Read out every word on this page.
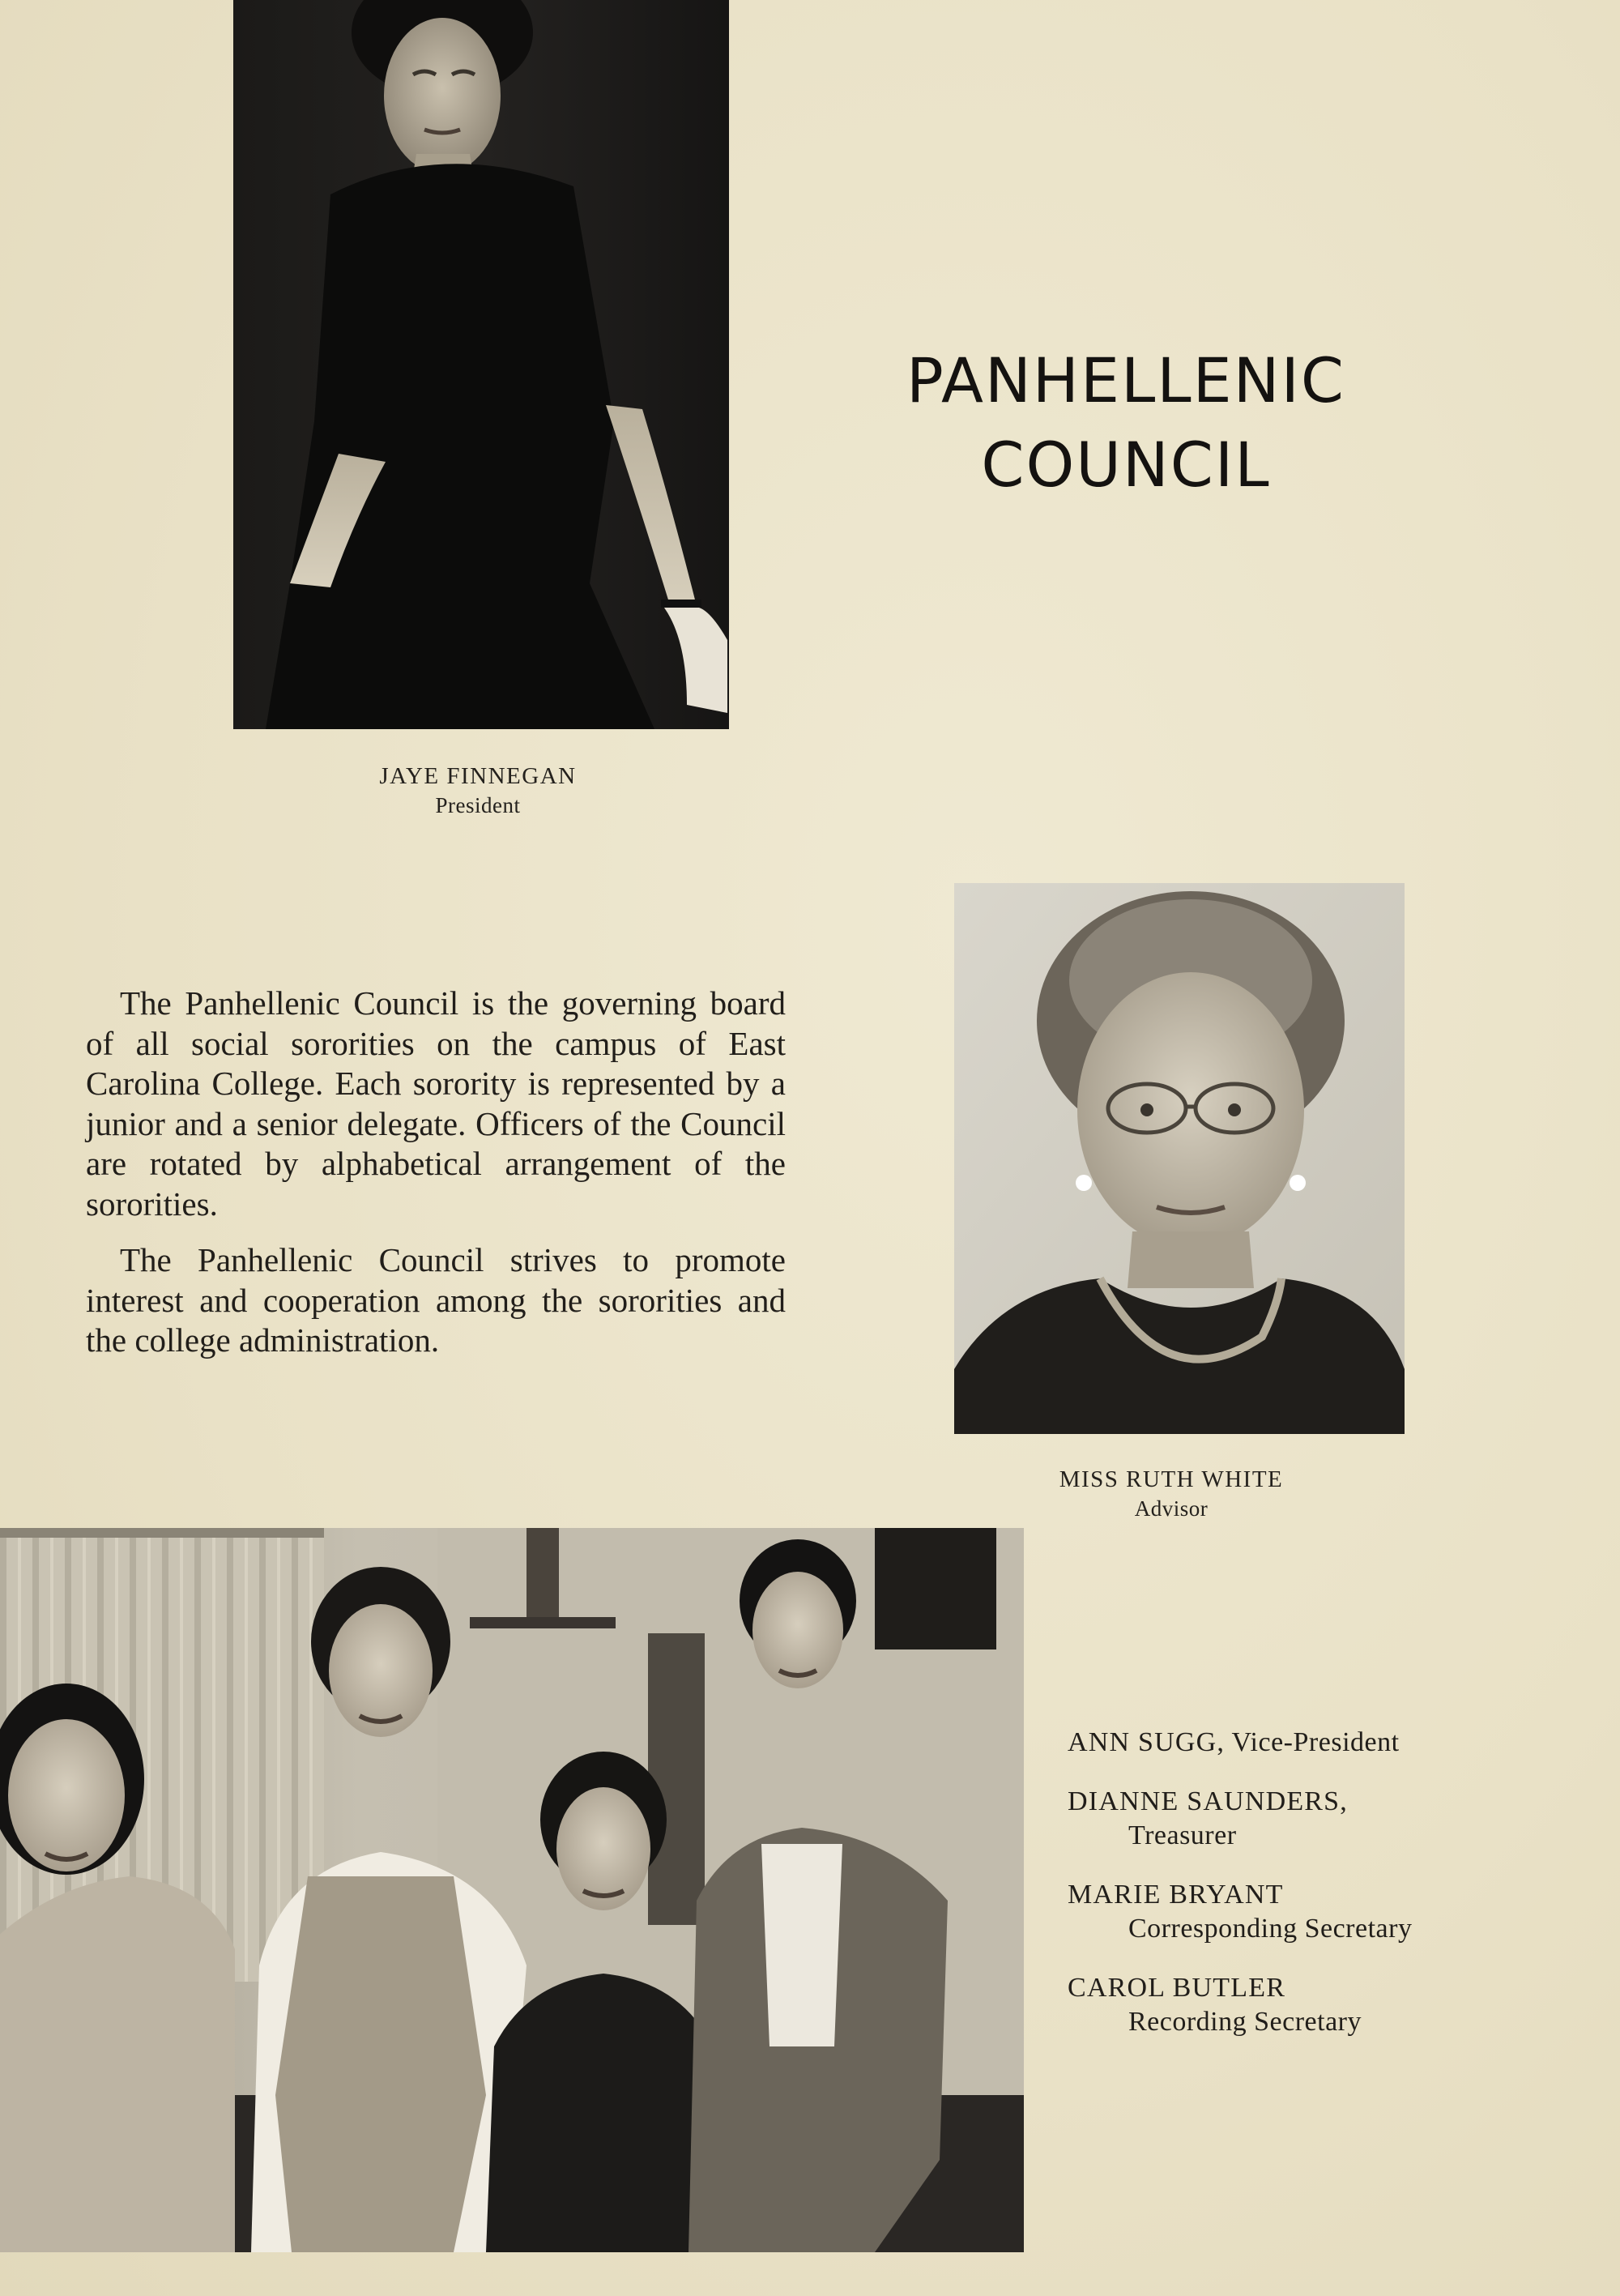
PANHELLENIC
COUNCIL
JAYE FINNEGAN
President

The Panhellenic Council is the governing board of all social sororities on the campus of East Carolina College. Each sorority is represented by a junior and a senior delegate. Officers of the Council are rotated by alphabetical arrangement of the sororities.

The Panhellenic Council strives to promote interest and cooperation among the sororities and the college administration.

MISS RUTH WHITE
Advisor
ANN SUGG, Vice-President
DIANNE SAUNDERS,
Treasurer
MARIE BRYANT
Corresponding Secretary
CAROL BUTLER
Recording Secretary
